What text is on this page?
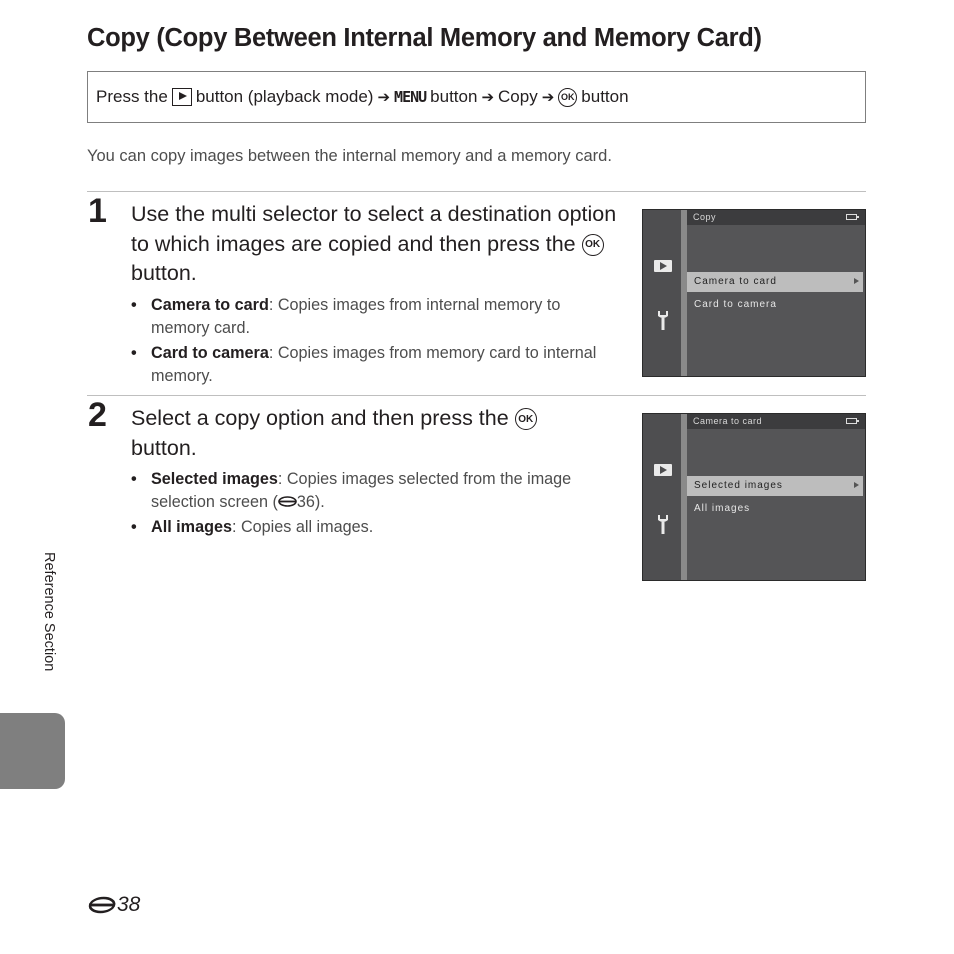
Copy (Copy Between Internal Memory and Memory Card)
Press the button (playback mode) ➔ MENU button ➔ Copy ➔ OK button
You can copy images between the internal memory and a memory card.
1 Use the multi selector to select a destination option to which images are copied and then press the OK button.
• Camera to card: Copies images from internal memory to memory card.
• Card to camera: Copies images from memory card to internal memory.
Copy
Camera to card
Card to camera
2 Select a copy option and then press the OK button.
• Selected images: Copies images selected from the image selection screen ( 36).
• All images: Copies all images.
Camera to card
Selected images
All images
Reference Section
38
